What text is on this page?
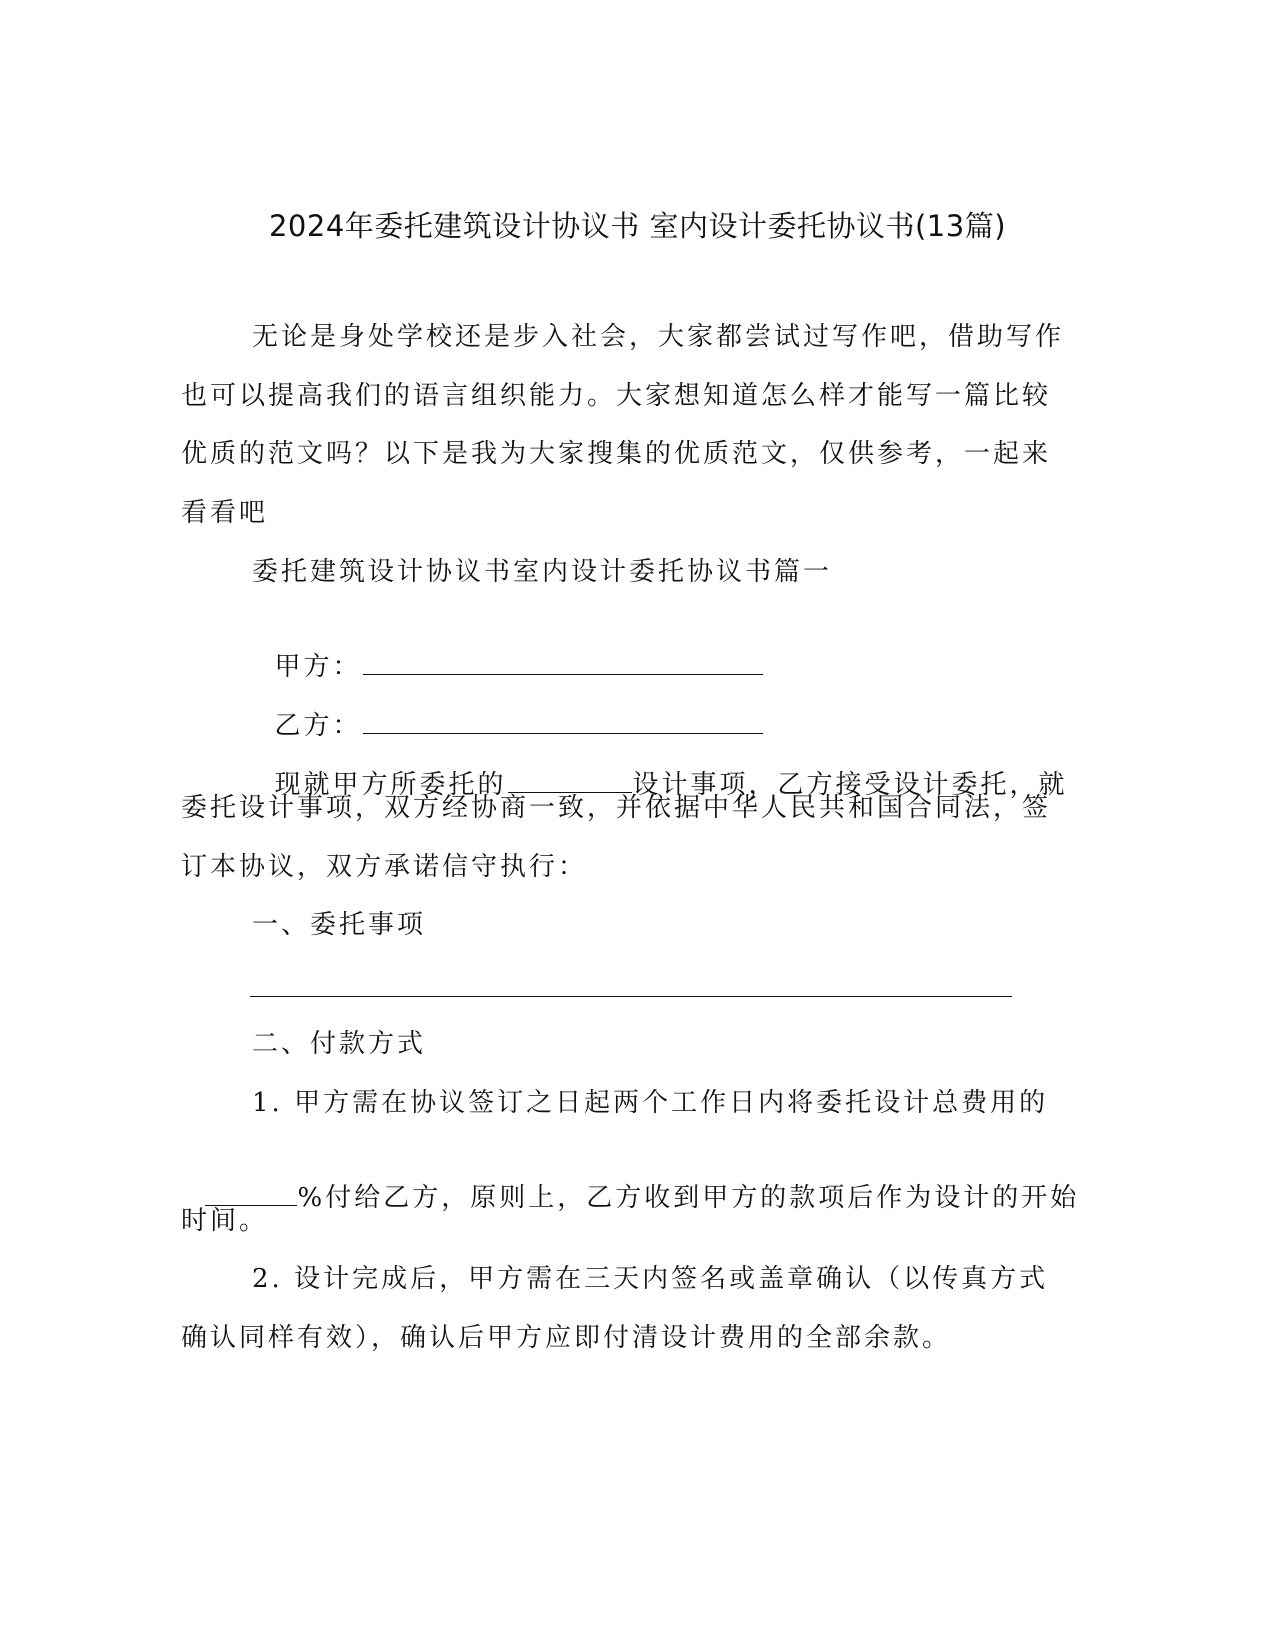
2024年委托建筑设计协议书 室内设计委托协议书(13篇)
无论是身处学校还是步入社会，大家都尝试过写作吧，借助写作
也可以提高我们的语言组织能力。大家想知道怎么样才能写一篇比较
优质的范文吗？以下是我为大家搜集的优质范文，仅供参考，一起来
看看吧
委托建筑设计协议书室内设计委托协议书篇一

甲方：

乙方：

现就甲方所委托的	设计事项，乙方接受设计委托，就

委托设计事项，双方经协商一致，并依据中华人民共和国合同法，签
订本协议，双方承诺信守执行：
一、委托事项
二、付款方式
1. 甲方需在协议签订之日起两个工作日内将委托设计总费用的

%付给乙方，原则上，乙方收到甲方的款项后作为设计的开始

时间。
2. 设计完成后，甲方需在三天内签名或盖章确认（以传真方式
确认同样有效），确认后甲方应即付清设计费用的全部余款。
